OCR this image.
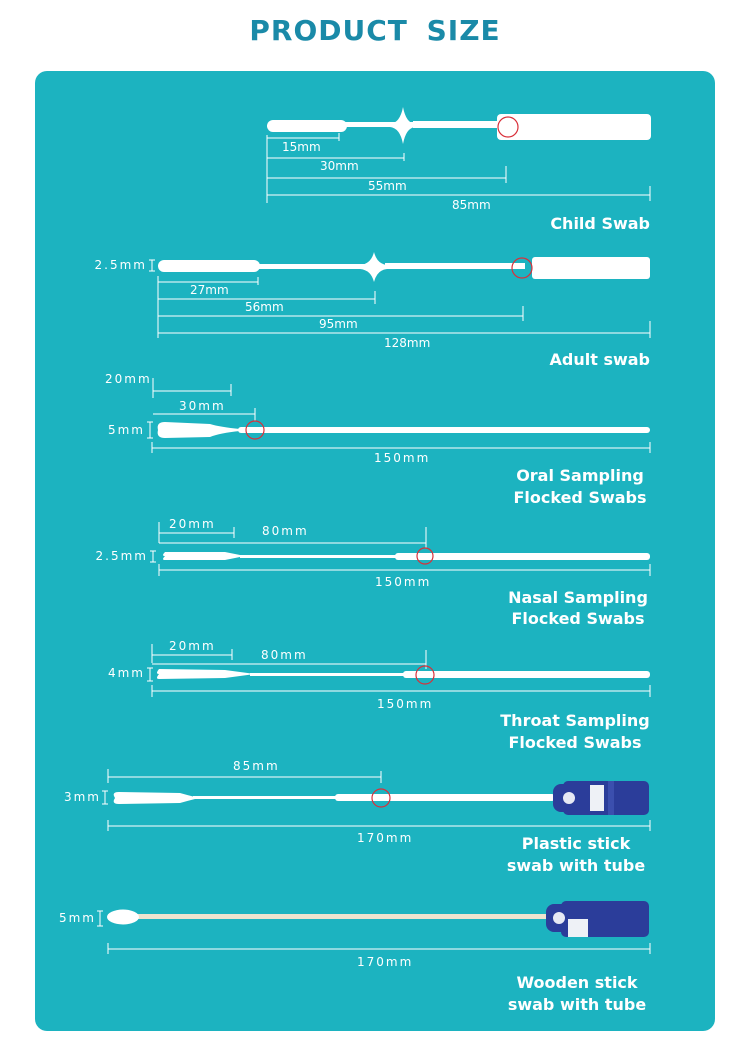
PRODUCT SIZE
15mm
30mm
55mm
85mm
Child Swab
2.5mm
27mm
56mm
95mm
128mm
Adult swab
20mm
30mm
5mm
150mm
Oral Sampling
Flocked Swabs
20mm	80mm
2.5mm
150mm
Nasal Sampling
Flocked Swabs
20mm
80mm
4mm
150mm
Throat Sampling
Flocked Swabs
85mm
3mm
170mm	Plastic stick
swab with tube
5mm
170mm
Wooden stick
swab with tube
